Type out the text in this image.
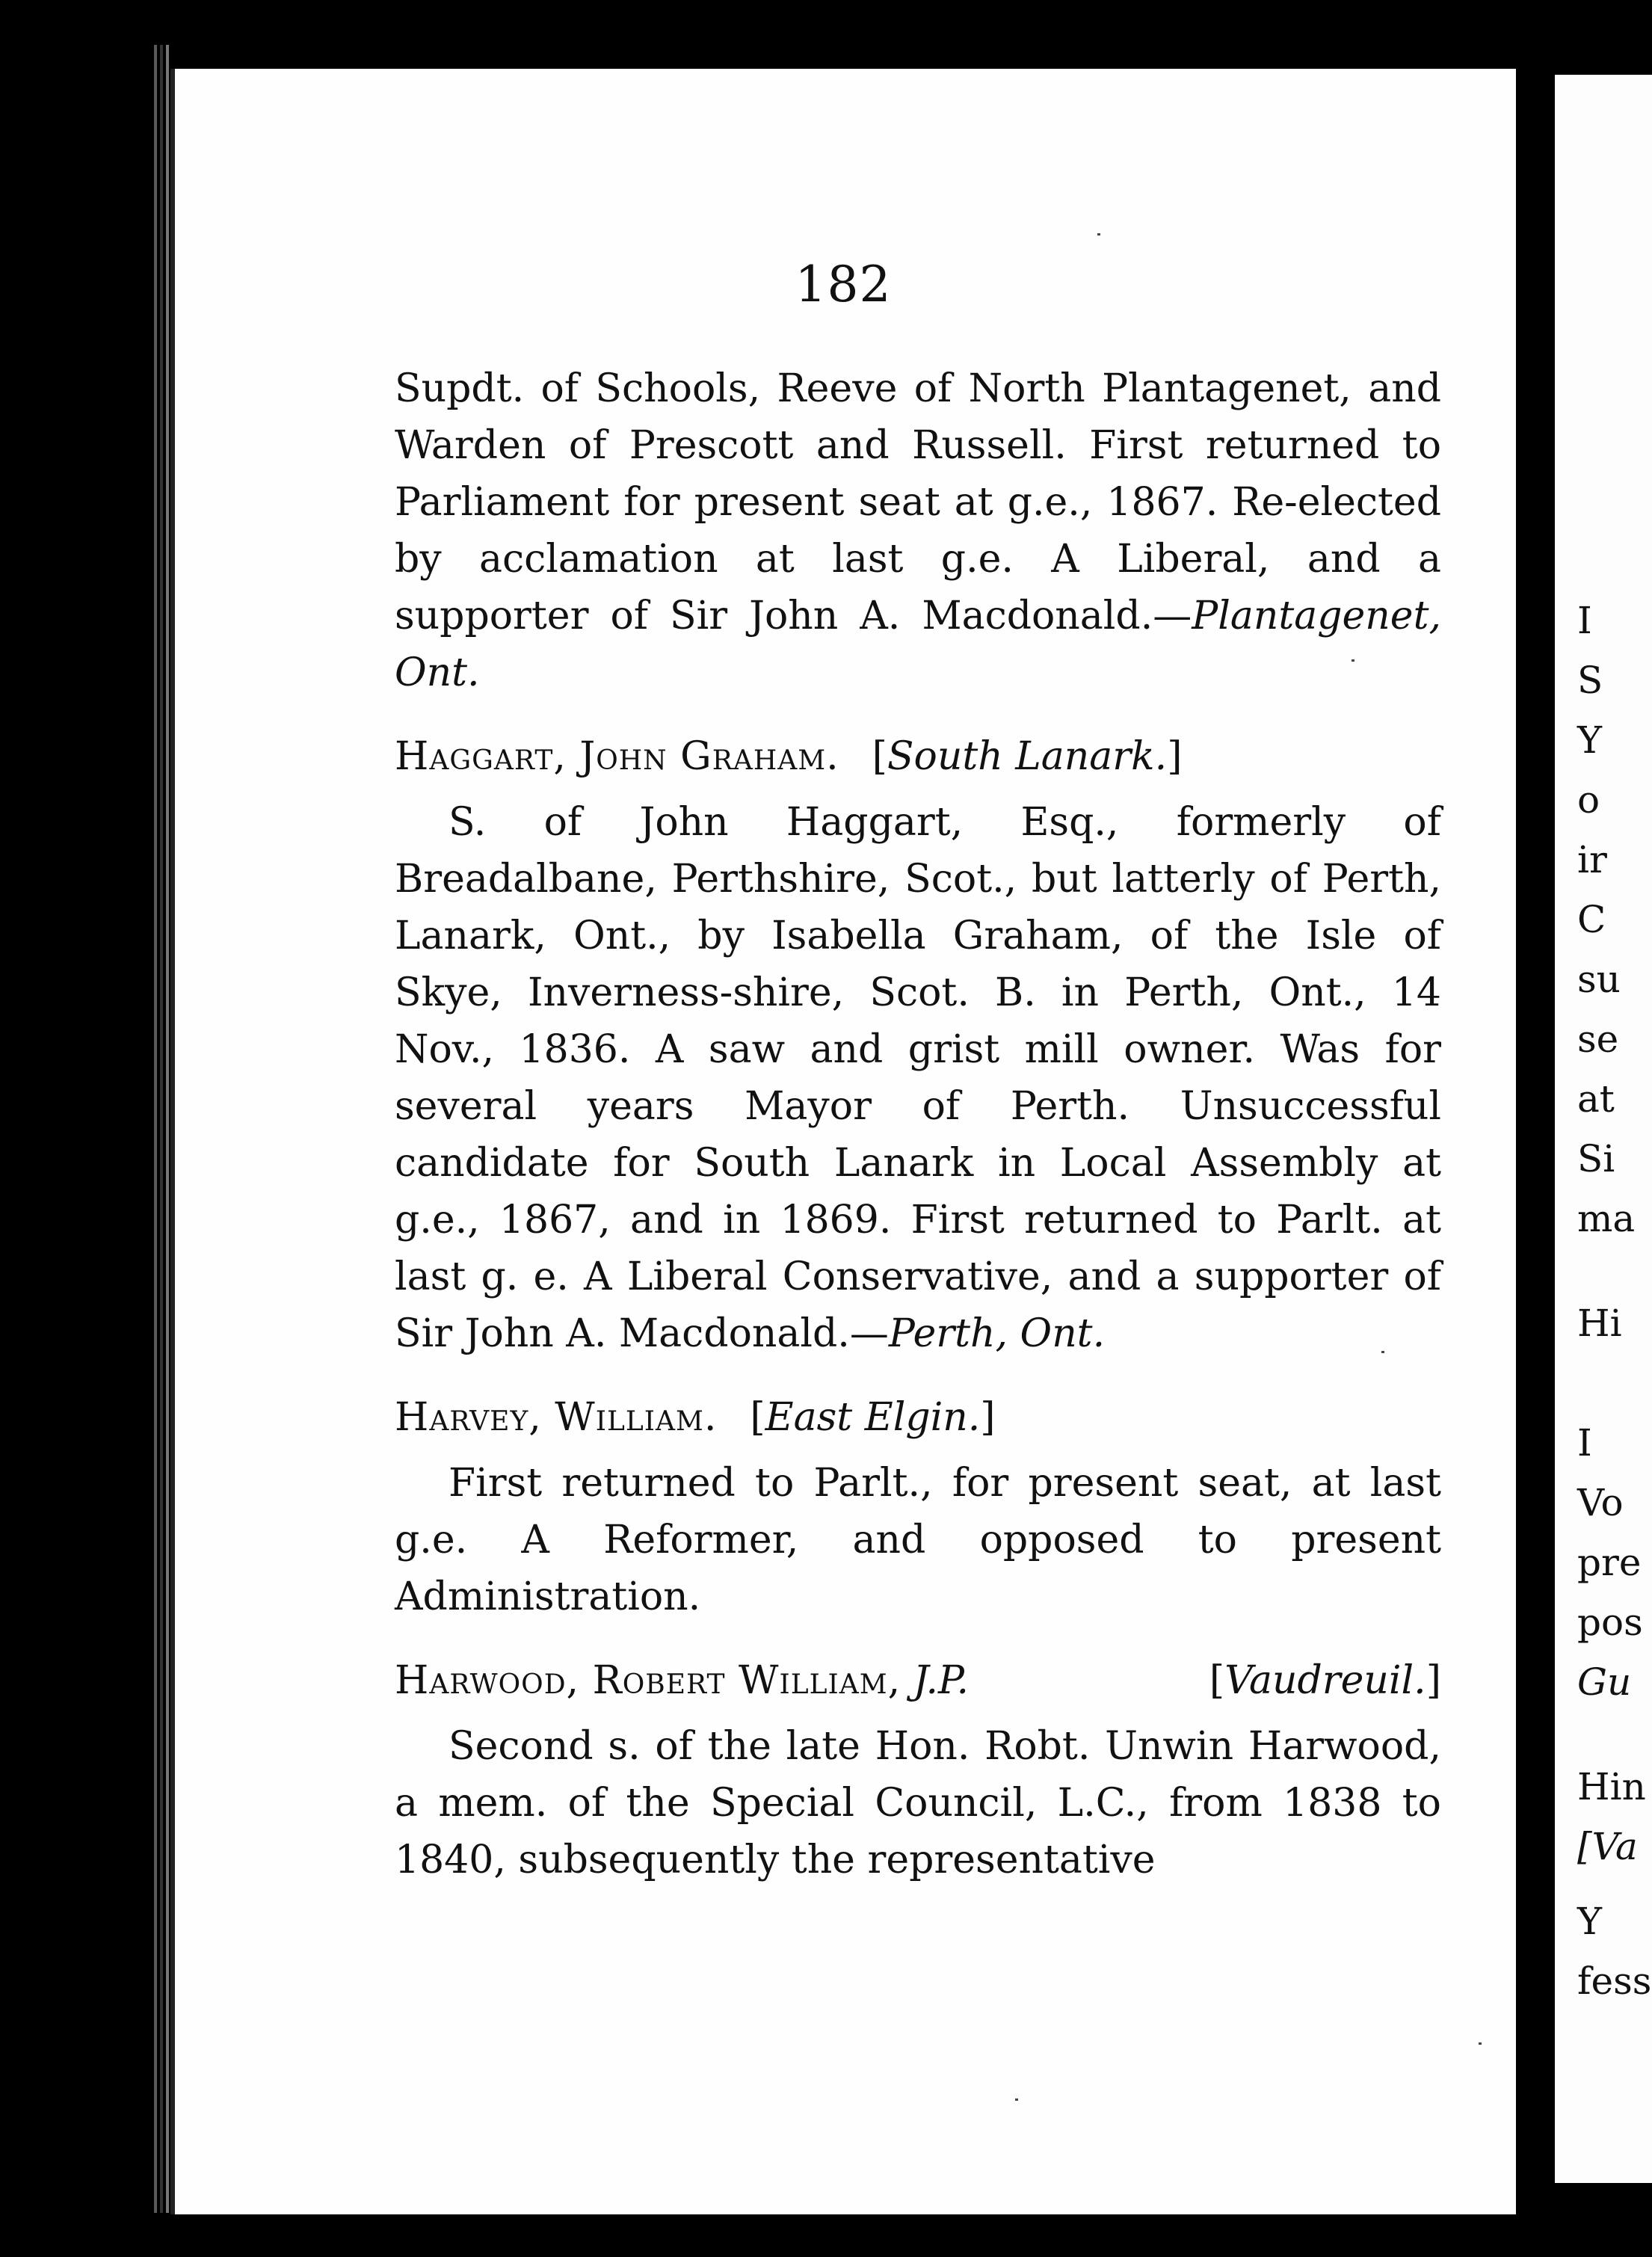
182

Supdt. of Schools, Reeve of North Plantagenet, and Warden of Prescott and Russell. First returned to Parliament for present seat at g.e., 1867. Re-elected by acclamation at last g.e. A Liberal, and a supporter of Sir John A. Macdonald.—Plantagenet, Ont.

Haggart, John Graham. [South Lanark.]

S. of John Haggart, Esq., formerly of Breadalbane, Perthshire, Scot., but latterly of Perth, Lanark, Ont., by Isabella Graham, of the Isle of Skye, Inverness-shire, Scot. B. in Perth, Ont., 14 Nov., 1836. A saw and grist mill owner. Was for several years Mayor of Perth. Unsuccessful candidate for South Lanark in Local Assembly at g.e., 1867, and in 1869. First returned to Parlt. at last g. e. A Liberal Conservative, and a supporter of Sir John A. Macdonald.—Perth, Ont.

Harvey, William. [East Elgin.]

First returned to Parlt., for present seat, at last g.e. A Reformer, and opposed to present Administration.

Harwood, Robert William, J.P.	[Vaudreuil.]

Second s. of the late Hon. Robt. Unwin Harwood, a mem. of the Special Council, L.C., from 1838 to 1840, subsequently the representative

I
S
Y
o
ir
C
su
se
at
Si
ma
Hi
I
Vo
pre
pos
Gu
Hin
[Va
Y
fess
